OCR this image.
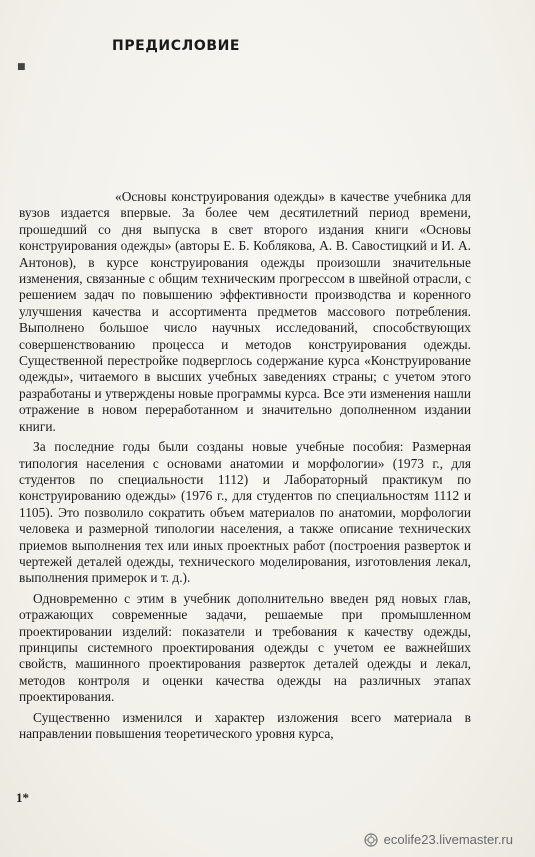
ПРЕДИСЛОВИЕ
■

«Основы конструирования одежды» в качестве учебника для вузов издается впервые. За более чем десятилетний период времени, прошедший со дня выпуска в свет второго издания книги «Основы конструирования одежды» (авторы Е. Б. Коблякова, А. В. Савостицкий и И. А. Антонов), в курсе конструирования одежды произошли значительные изменения, связанные с общим техническим прогрессом в швейной отрасли, с решением задач по повышению эффективности производства и коренного улучшения качества и ассортимента предметов массового потребления. Выполнено большое число научных исследований, способствующих совершенствованию процесса и методов конструирования одежды. Существенной перестройке подверглось содержание курса «Конструирование одежды», читаемого в высших учебных заведениях страны; с учетом этого разработаны и утверждены новые программы курса. Все эти изменения нашли отражение в новом переработанном и значительно дополненном издании книги.

За последние годы были созданы новые учебные пособия: Размерная типология населения с основами анатомии и морфологии» (1973 г., для студентов по специальности 1112) и Лабораторный практикум по конструированию одежды» (1976 г., для студентов по специальностям 1112 и 1105). Это позволило сократить объем материалов по анатомии, морфологии человека и размерной типологии населения, а также описание технических приемов выполнения тех или иных проектных работ (построения разверток и чертежей деталей одежды, технического моделирования, изготовления лекал, выполнения примерок и т. д.).

Одновременно с этим в учебник дополнительно введен ряд новых глав, отражающих современные задачи, решаемые при промышленном проектировании изделий: показатели и требования к качеству одежды, принципы системного проектирования одежды с учетом ее важнейших свойств, машинного проектирования разверток деталей одежды и лекал, методов контроля и оценки качества одежды на различных этапах проектирования.

Существенно изменился и характер изложения всего материала в направлении повышения теоретического уровня курса,

1*
ecolife23.livemaster.ru
